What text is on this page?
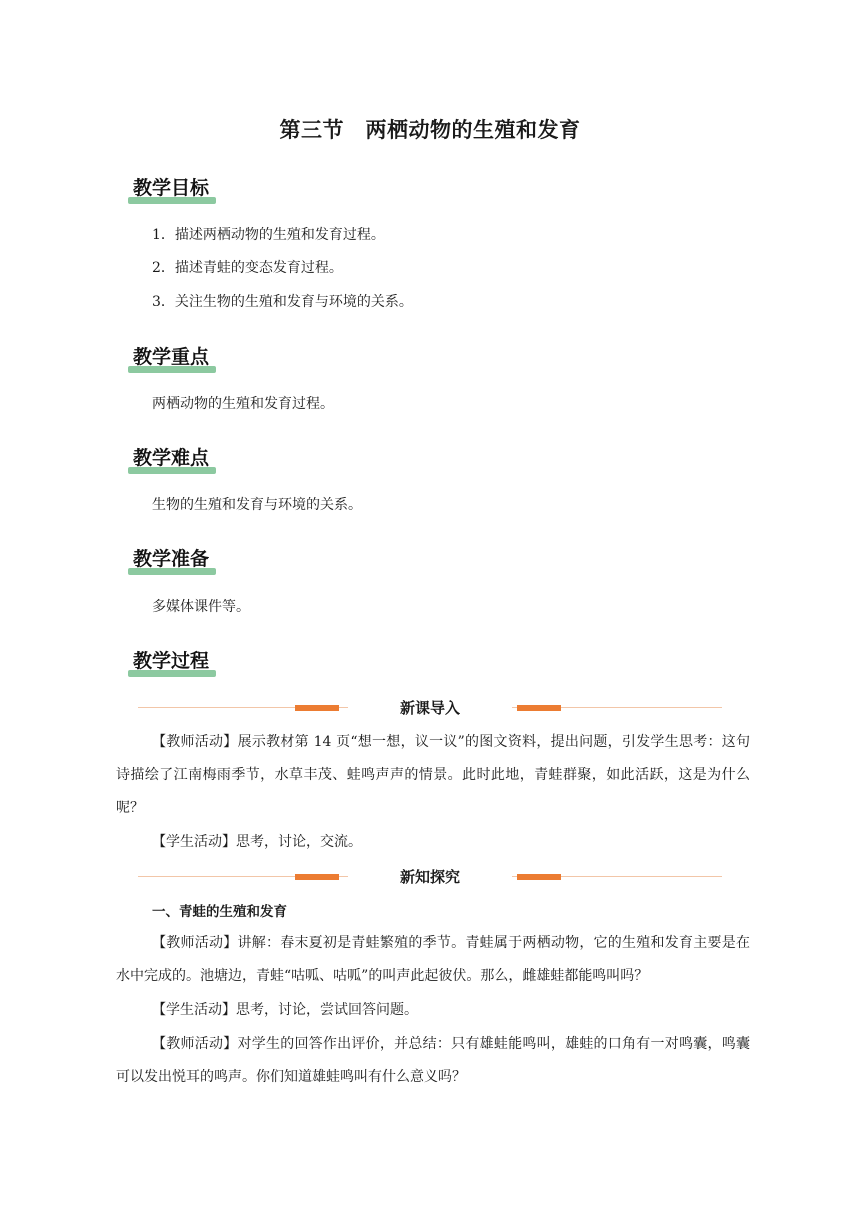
第三节　两栖动物的生殖和发育
教学目标
1．描述两栖动物的生殖和发育过程。
2．描述青蛙的变态发育过程。
3．关注生物的生殖和发育与环境的关系。
教学重点
两栖动物的生殖和发育过程。
教学难点
生物的生殖和发育与环境的关系。
教学准备
多媒体课件等。
教学过程
新课导入
【教师活动】展示教材第 14 页“想一想，议一议”的图文资料，提出问题，引发学生思考：这句诗描绘了江南梅雨季节，水草丰茂、蛙鸣声声的情景。此时此地，青蛙群聚，如此活跃，这是为什么呢？
【学生活动】思考，讨论，交流。
新知探究
一、青蛙的生殖和发育
【教师活动】讲解：春末夏初是青蛙繁殖的季节。青蛙属于两栖动物，它的生殖和发育主要是在水中完成的。池塘边，青蛙“咕呱、咕呱”的叫声此起彼伏。那么，雌雄蛙都能鸣叫吗？
【学生活动】思考，讨论，尝试回答问题。
【教师活动】对学生的回答作出评价，并总结：只有雄蛙能鸣叫，雄蛙的口角有一对鸣囊，鸣囊可以发出悦耳的鸣声。你们知道雄蛙鸣叫有什么意义吗？
